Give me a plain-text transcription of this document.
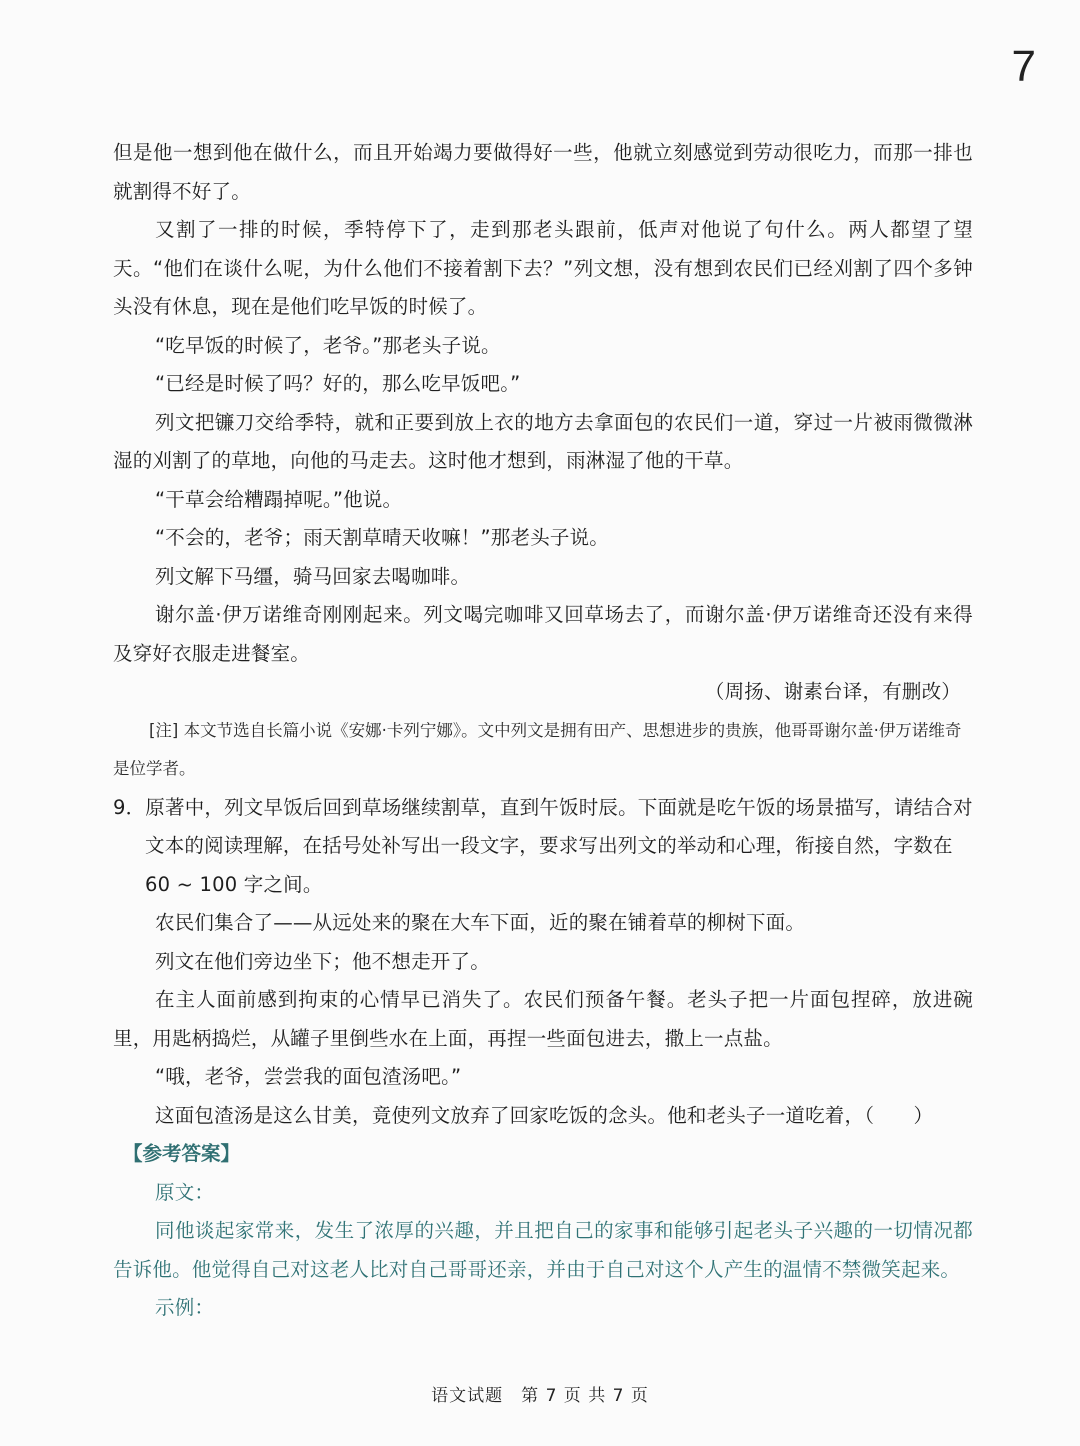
7

但是他一想到他在做什么，而且开始竭力要做得好一些，他就立刻感觉到劳动很吃力，而那一排也就割得不好了。

又割了一排的时候，季特停下了，走到那老头跟前，低声对他说了句什么。两人都望了望天。“他们在谈什么呢，为什么他们不接着割下去？”列文想，没有想到农民们已经刈割了四个多钟头没有休息，现在是他们吃早饭的时候了。

“吃早饭的时候了，老爷。”那老头子说。

“已经是时候了吗？好的，那么吃早饭吧。”

列文把镰刀交给季特，就和正要到放上衣的地方去拿面包的农民们一道，穿过一片被雨微微淋湿的刈割了的草地，向他的马走去。这时他才想到，雨淋湿了他的干草。

“干草会给糟蹋掉呢。”他说。

“不会的，老爷；雨天割草晴天收嘛！”那老头子说。

列文解下马缰，骑马回家去喝咖啡。

谢尔盖·伊万诺维奇刚刚起来。列文喝完咖啡又回草场去了，而谢尔盖·伊万诺维奇还没有来得及穿好衣服走进餐室。

（周扬、谢素台译，有删改）

[注] 本文节选自长篇小说《安娜·卡列宁娜》。文中列文是拥有田产、思想进步的贵族，他哥哥谢尔盖·伊万诺维奇是位学者。

9．原著中，列文早饭后回到草场继续割草，直到午饭时辰。下面就是吃午饭的场景描写，请结合对文本的阅读理解，在括号处补写出一段文字，要求写出列文的举动和心理，衔接自然，字数在 60 ~ 100 字之间。

农民们集合了——从远处来的聚在大车下面，近的聚在铺着草的柳树下面。

列文在他们旁边坐下；他不想走开了。

在主人面前感到拘束的心情早已消失了。农民们预备午餐。老头子把一片面包捏碎，放进碗里，用匙柄捣烂，从罐子里倒些水在上面，再捏一些面包进去，撒上一点盐。

“哦，老爷，尝尝我的面包渣汤吧。”

这面包渣汤是这么甘美，竟使列文放弃了回家吃饭的念头。他和老头子一道吃着，（　　）

【参考答案】

原文：

同他谈起家常来，发生了浓厚的兴趣，并且把自己的家事和能够引起老头子兴趣的一切情况都告诉他。他觉得自己对这老人比对自己哥哥还亲，并由于自己对这个人产生的温情不禁微笑起来。

示例：

语文试题　第 7 页 共 7 页
